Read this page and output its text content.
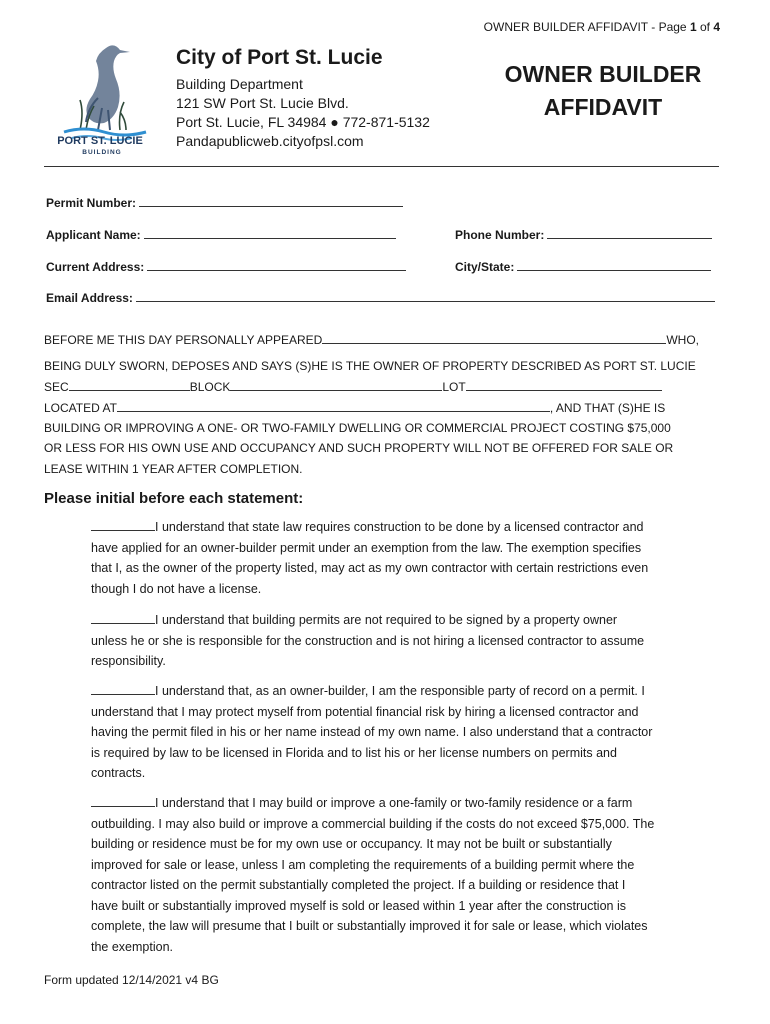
OWNER BUILDER AFFIDAVIT - Page 1 of 4
PORT ST. LUCIE
BUILDING
City of Port St. Lucie
Building Department
121 SW Port St. Lucie Blvd.
Port St. Lucie, FL 34984 ● 772-871-5132
Pandapublicweb.cityofpsl.com
OWNER BUILDER
AFFIDAVIT
Permit Number:
Applicant Name:	Phone Number:
Current Address:	City/State:
Email Address:
BEFORE ME THIS DAY PERSONALLY APPEARED	WHO,
BEING DULY SWORN, DEPOSES AND SAYS (S)HE IS THE OWNER OF PROPERTY DESCRIBED AS PORT ST. LUCIE
SEC	BLOCK	LOT
LOCATED AT	, AND THAT (S)HE IS
BUILDING OR IMPROVING A ONE- OR TWO-FAMILY DWELLING OR COMMERCIAL PROJECT COSTING $75,000
OR LESS FOR HIS OWN USE AND OCCUPANCY AND SUCH PROPERTY WILL NOT BE OFFERED FOR SALE OR
LEASE WITHIN 1 YEAR AFTER COMPLETION.
Please initial before each statement:
I understand that state law requires construction to be done by a licensed contractor and
have applied for an owner-builder permit under an exemption from the law. The exemption specifies
that I, as the owner of the property listed, may act as my own contractor with certain restrictions even
though I do not have a license.
I understand that building permits are not required to be signed by a property owner
unless he or she is responsible for the construction and is not hiring a licensed contractor to assume
responsibility.
I understand that, as an owner-builder, I am the responsible party of record on a permit. I
understand that I may protect myself from potential financial risk by hiring a licensed contractor and
having the permit filed in his or her name instead of my own name. I also understand that a contractor
is required by law to be licensed in Florida and to list his or her license numbers on permits and
contracts.
I understand that I may build or improve a one-family or two-family residence or a farm
outbuilding. I may also build or improve a commercial building if the costs do not exceed $75,000. The
building or residence must be for my own use or occupancy. It may not be built or substantially
improved for sale or lease, unless I am completing the requirements of a building permit where the
contractor listed on the permit substantially completed the project. If a building or residence that I
have built or substantially improved myself is sold or leased within 1 year after the construction is
complete, the law will presume that I built or substantially improved it for sale or lease, which violates
the exemption.
Form updated 12/14/2021 v4 BG
